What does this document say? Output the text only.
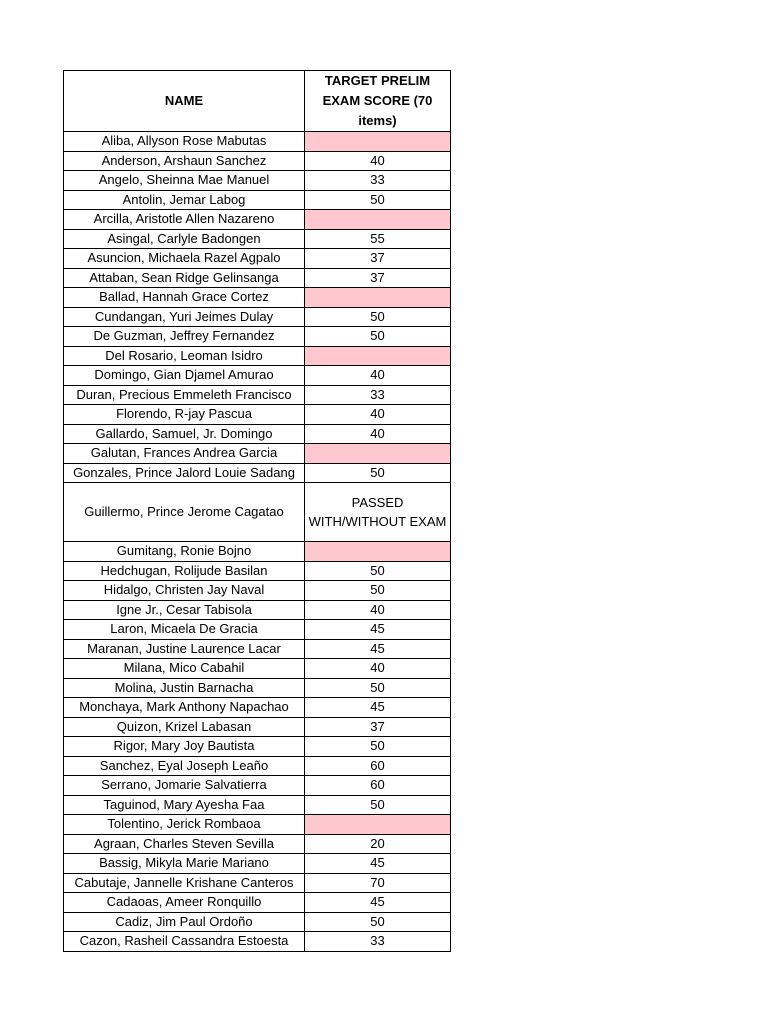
NAME	TARGET PRELIM EXAM SCORE (70 items)
Aliba, Allyson Rose Mabutas	
Anderson, Arshaun Sanchez	40
Angelo, Sheinna Mae Manuel	33
Antolin, Jemar Labog	50
Arcilla, Aristotle Allen Nazareno	
Asingal, Carlyle Badongen	55
Asuncion, Michaela Razel Agpalo	37
Attaban, Sean Ridge Gelinsanga	37
Ballad, Hannah Grace Cortez	
Cundangan, Yuri Jeimes Dulay	50
De Guzman, Jeffrey Fernandez	50
Del Rosario, Leoman Isidro	
Domingo, Gian Djamel Amurao	40
Duran, Precious Emmeleth Francisco	33
Florendo, R-jay Pascua	40
Gallardo, Samuel, Jr. Domingo	40
Galutan, Frances Andrea Garcia	
Gonzales, Prince Jalord Louie Sadang	50
Guillermo, Prince Jerome Cagatao	PASSED WITH/WITHOUT EXAM
Gumitang, Ronie Bojno	
Hedchugan, Rolijude Basilan	50
Hidalgo, Christen Jay Naval	50
Igne Jr., Cesar Tabisola	40
Laron, Micaela De Gracia	45
Maranan, Justine Laurence Lacar	45
Milana, Mico Cabahil	40
Molina, Justin Barnacha	50
Monchaya, Mark Anthony Napachao	45
Quizon, Krizel Labasan	37
Rigor, Mary Joy Bautista	50
Sanchez, Eyal Joseph Leaño	60
Serrano, Jomarie Salvatierra	60
Taguinod, Mary Ayesha Faa	50
Tolentino, Jerick Rombaoa	
Agraan, Charles Steven Sevilla	20
Bassig, Mikyla Marie Mariano	45
Cabutaje, Jannelle Krishane Canteros	70
Cadaoas, Ameer Ronquillo	45
Cadiz, Jim Paul Ordoño	50
Cazon, Rasheil Cassandra Estoesta	33
